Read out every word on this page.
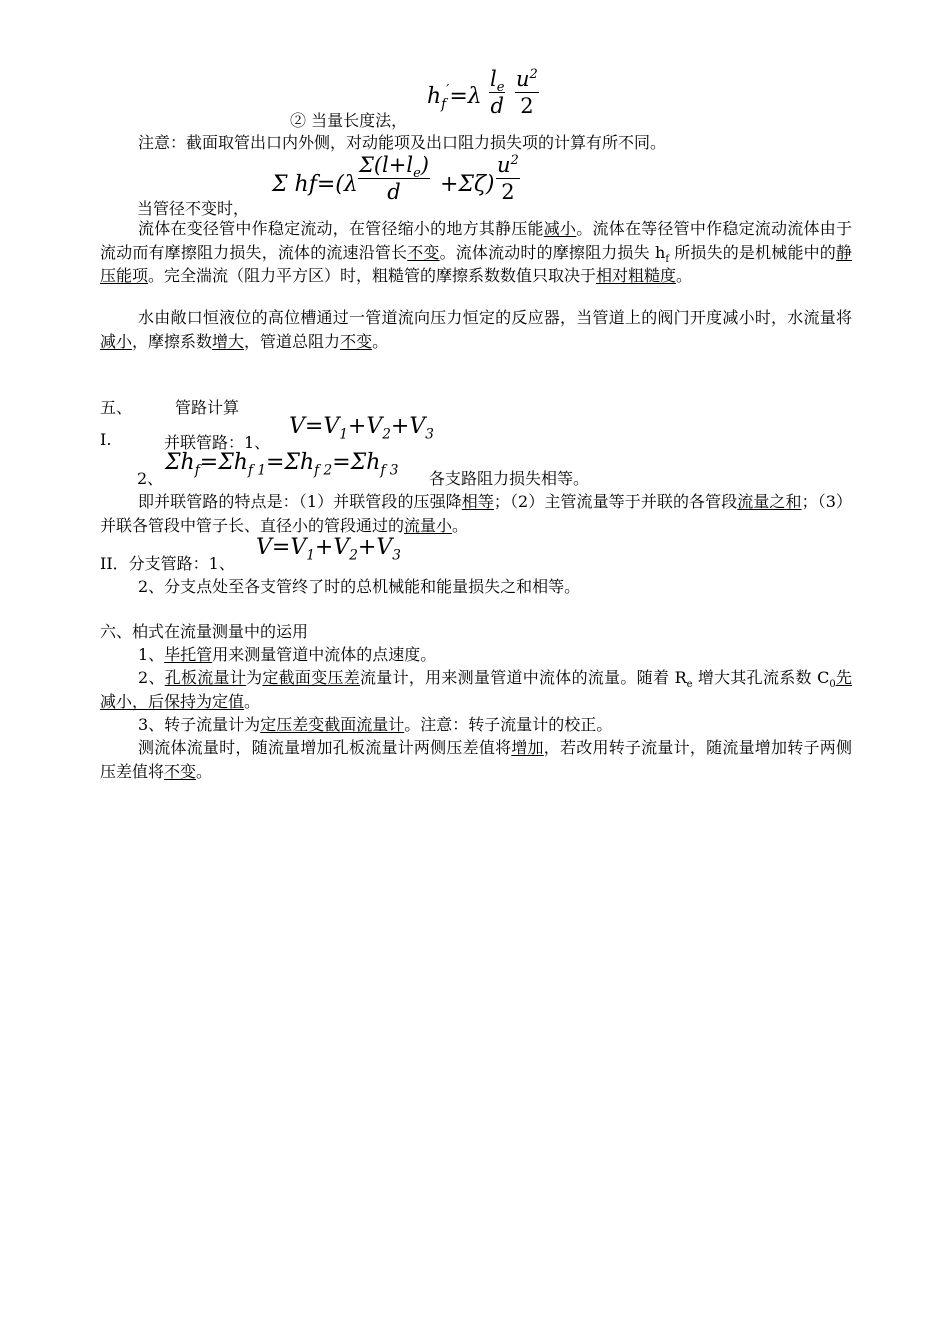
$h_f'=\lambda \frac{l_e}{d} \frac{u^2}{2}$
② 当量长度法，

注意：截面取管出口内外侧，对动能项及出口阻力损失项的计算有所不同。

Σ $hf=(\lambda \frac{\Sigma(l+l_e)}{d} +\Sigma\zeta) \frac{u^2}{2}$
当管径不变时，

流体在变径管中作稳定流动，在管径缩小的地方其静压能减小。流体在等径管中作稳定流动流体由于流动而有摩擦阻力损失，流体的流速沿管长不变。流体流动时的摩擦阻力损失 $h_f$ 所损失的是机械能中的静压能项。完全湍流（阻力平方区）时，粗糙管的摩擦系数数值只取决于相对粗糙度。

水由敞口恒液位的高位槽通过一管道流向压力恒定的反应器，当管道上的阀门开度减小时，水流量将减小，摩擦系数增大，管道总阻力不变。

五、	管路计算
I.	并联管路：1、
$V=V_1+V_2+V_3$
2、
$\Sigma h_f=\Sigma h_{f 1}=\Sigma h_{f 2}=\Sigma h_{f 3}$ 各支路阻力损失相等。

即并联管路的特点是：（1）并联管段的压强降相等；（2）主管流量等于并联的各管段流量之和；（3）并联各管段中管子长、直径小的管段通过的流量小。

II．分支管路：1、
$V=V_1+V_2+V_3$

2、分支点处至各支管终了时的总机械能和能量损失之和相等。

六、柏式在流量测量中的运用

1、毕托管用来测量管道中流体的点速度。

2、孔板流量计为定截面变压差流量计，用来测量管道中流体的流量。随着 $R_e$ 增大其孔流系数 $C_0$先减小，后保持为定值。

3、转子流量计为定压差变截面流量计。注意：转子流量计的校正。

测流体流量时，随流量增加孔板流量计两侧压差值将增加，若改用转子流量计，随流量增加转子两侧压差值将不变。
